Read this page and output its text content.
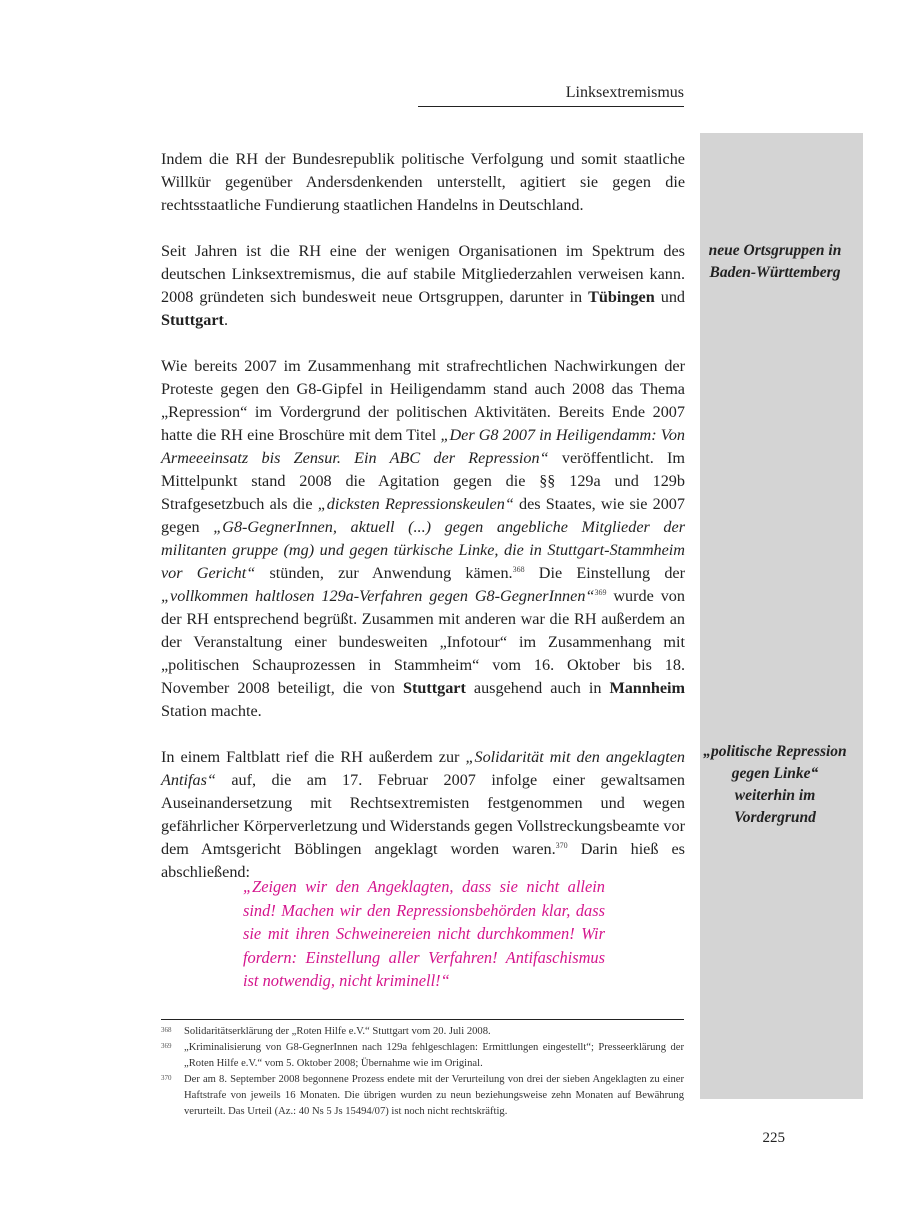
Linksextremismus

Indem die RH der Bundesrepublik politische Verfolgung und somit staatliche Willkür gegenüber Andersdenkenden unterstellt, agitiert sie gegen die rechtsstaatliche Fundierung staatlichen Handelns in Deutschland.

Seit Jahren ist die RH eine der wenigen Organisationen im Spektrum des deutschen Linksextremismus, die auf stabile Mitgliederzahlen verweisen kann. 2008 gründeten sich bundesweit neue Ortsgruppen, darunter in Tübingen und Stuttgart.

Wie bereits 2007 im Zusammenhang mit strafrechtlichen Nachwirkungen der Proteste gegen den G8-Gipfel in Heiligendamm stand auch 2008 das Thema „Repression“ im Vordergrund der politischen Aktivitäten. Bereits Ende 2007 hatte die RH eine Broschüre mit dem Titel „Der G8 2007 in Heiligendamm: Von Armeeeinsatz bis Zensur. Ein ABC der Repression“ veröffentlicht. Im Mittelpunkt stand 2008 die Agitation gegen die §§ 129a und 129b Strafgesetzbuch als die „dicksten Repressionskeulen“ des Staates, wie sie 2007 gegen „G8-GegnerInnen, aktuell (...) gegen angebliche Mitglieder der militanten gruppe (mg) und gegen türkische Linke, die in Stuttgart-Stammheim vor Gericht“ stünden, zur Anwendung kämen.$^{368}$ Die Einstellung der „vollkommen haltlosen 129a-Verfahren gegen G8-GegnerInnen“$^{369}$ wurde von der RH entsprechend begrüßt. Zusammen mit anderen war die RH außerdem an der Veranstaltung einer bundesweiten „Infotour“ im Zusammenhang mit „politischen Schauprozessen in Stammheim“ vom 16. Oktober bis 18. November 2008 beteiligt, die von Stuttgart ausgehend auch in Mannheim Station machte.

In einem Faltblatt rief die RH außerdem zur „Solidarität mit den angeklagten Antifas“ auf, die am 17. Februar 2007 infolge einer gewaltsamen Auseinandersetzung mit Rechtsextremisten festgenommen und wegen gefährlicher Körperverletzung und Widerstands gegen Vollstreckungsbeamte vor dem Amtsgericht Böblingen angeklagt worden waren.$^{370}$ Darin hieß es abschließend:

„Zeigen wir den Angeklagten, dass sie nicht allein sind! Machen wir den Repressionsbehörden klar, dass sie mit ihren Schweinereien nicht durchkommen! Wir fordern: Einstellung aller Verfahren! Antifaschismus ist notwendig, nicht kriminell!“
neue Ortsgruppen in Baden-Württemberg
„politische Repression gegen Linke“ weiterhin im Vordergrund
368	Solidaritätserklärung der „Roten Hilfe e.V.“ Stuttgart vom 20. Juli 2008.
369	„Kriminalisierung von G8-GegnerInnen nach 129a fehlgeschlagen: Ermittlungen eingestellt“; Presseerklärung der „Roten Hilfe e.V.“ vom 5. Oktober 2008; Übernahme wie im Original.
370	Der am 8. September 2008 begonnene Prozess endete mit der Verurteilung von drei der sieben Angeklagten zu einer Haftstrafe von jeweils 16 Monaten. Die übrigen wurden zu neun beziehungsweise zehn Monaten auf Bewährung verurteilt. Das Urteil (Az.: 40 Ns 5 Js 15494/07) ist noch nicht rechtskräftig.
225
